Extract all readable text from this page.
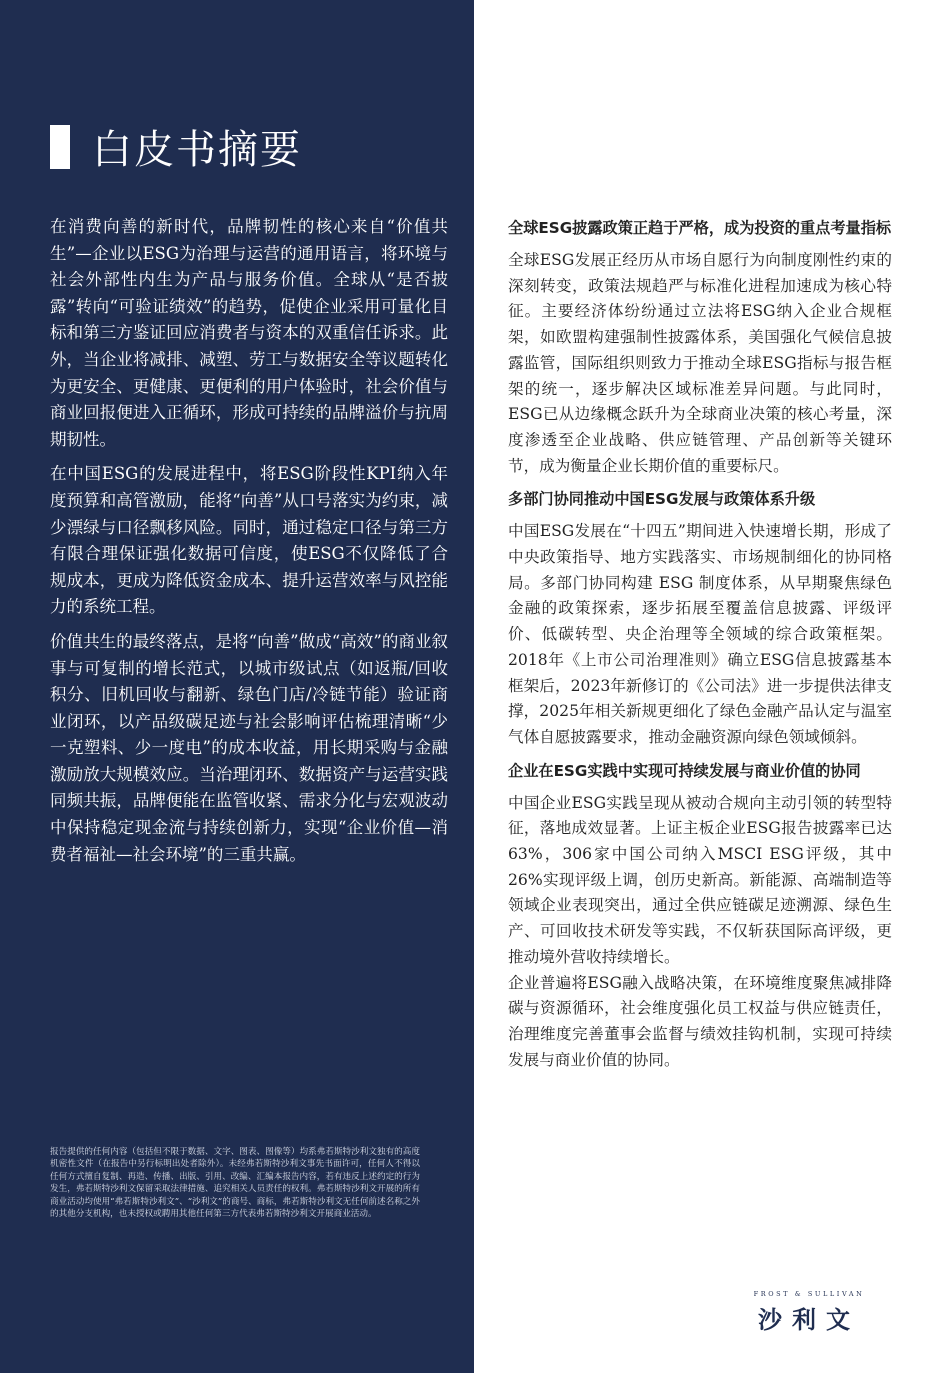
白皮书摘要

在消费向善的新时代，品牌韧性的核心来自“价值共生”—企业以ESG为治理与运营的通用语言，将环境与社会外部性内生为产品与服务价值。全球从“是否披露”转向“可验证绩效”的趋势，促使企业采用可量化目标和第三方鉴证回应消费者与资本的双重信任诉求。此外，当企业将减排、减塑、劳工与数据安全等议题转化为更安全、更健康、更便利的用户体验时，社会价值与商业回报便进入正循环，形成可持续的品牌溢价与抗周期韧性。

在中国ESG的发展进程中，将ESG阶段性KPI纳入年度预算和高管激励，能将“向善”从口号落实为约束，减少漂绿与口径飘移风险。同时，通过稳定口径与第三方有限合理保证强化数据可信度，使ESG不仅降低了合规成本，更成为降低资金成本、提升运营效率与风控能力的系统工程。

价值共生的最终落点，是将“向善”做成“高效”的商业叙事与可复制的增长范式，以城市级试点（如返瓶/回收积分、旧机回收与翻新、绿色门店/冷链节能）验证商业闭环，以产品级碳足迹与社会影响评估梳理清晰“少一克塑料、少一度电”的成本收益，用长期采购与金融激励放大规模效应。当治理闭环、数据资产与运营实践同频共振，品牌便能在监管收紧、需求分化与宏观波动中保持稳定现金流与持续创新力，实现“企业价值—消费者福祉—社会环境”的三重共赢。

报告提供的任何内容（包括但不限于数据、文字、图表、图像等）均系弗若斯特沙利文独有的高度机密性文件（在报告中另行标明出处者除外）。未经弗若斯特沙利文事先书面许可，任何人不得以任何方式擅自复制、再造、传播、出版、引用、改编、汇编本报告内容，若有违反上述约定的行为发生，弗若斯特沙利文保留采取法律措施、追究相关人员责任的权利。弗若斯特沙利文开展的所有商业活动均使用“弗若斯特沙利文”、“沙利文”的商号、商标，弗若斯特沙利文无任何前述名称之外的其他分支机构，也未授权或聘用其他任何第三方代表弗若斯特沙利文开展商业活动。
全球ESG披露政策正趋于严格，成为投资的重点考量指标

全球ESG发展正经历从市场自愿行为向制度刚性约束的深刻转变，政策法规趋严与标准化进程加速成为核心特征。主要经济体纷纷通过立法将ESG纳入企业合规框架，如欧盟构建强制性披露体系，美国强化气候信息披露监管，国际组织则致力于推动全球ESG指标与报告框架的统一，逐步解决区域标准差异问题。与此同时，ESG已从边缘概念跃升为全球商业决策的核心考量，深度渗透至企业战略、供应链管理、产品创新等关键环节，成为衡量企业长期价值的重要标尺。

多部门协同推动中国ESG发展与政策体系升级

中国ESG发展在“十四五”期间进入快速增长期，形成了中央政策指导、地方实践落实、市场规制细化的协同格局。多部门协同构建 ESG 制度体系，从早期聚焦绿色金融的政策探索，逐步拓展至覆盖信息披露、评级评价、低碳转型、央企治理等全领域的综合政策框架。2018年《上市公司治理准则》确立ESG信息披露基本框架后，2023年新修订的《公司法》进一步提供法律支撑，2025年相关新规更细化了绿色金融产品认定与温室气体自愿披露要求，推动金融资源向绿色领域倾斜。

企业在ESG实践中实现可持续发展与商业价值的协同

中国企业ESG实践呈现从被动合规向主动引领的转型特征，落地成效显著。上证主板企业ESG报告披露率已达63%，306家中国公司纳入MSCI ESG评级，其中26%实现评级上调，创历史新高。新能源、高端制造等领域企业表现突出，通过全供应链碳足迹溯源、绿色生产、可回收技术研发等实践，不仅斩获国际高评级，更推动境外营收持续增长。

企业普遍将ESG融入战略决策，在环境维度聚焦减排降碳与资源循环，社会维度强化员工权益与供应链责任，治理维度完善董事会监督与绩效挂钩机制，实现可持续发展与商业价值的协同。

FROST & SULLIVAN
沙利文
